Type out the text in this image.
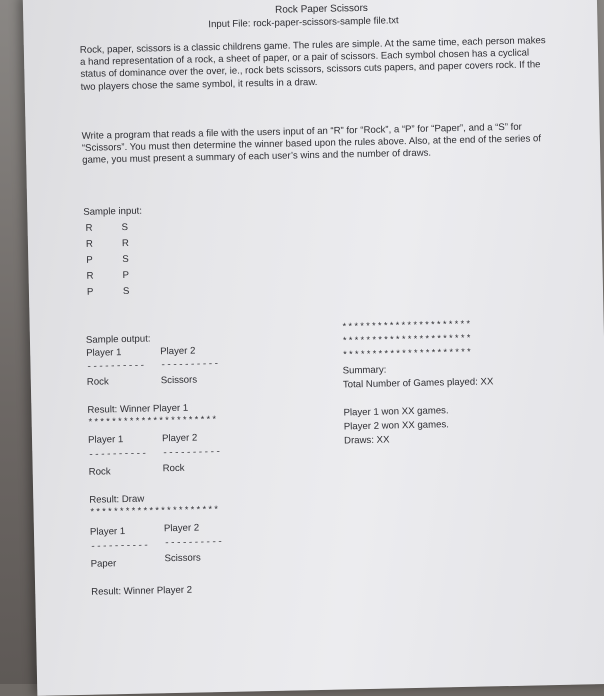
Rock Paper Scissors
Input File: rock-paper-scissors-sample file.txt
Rock, paper, scissors is a classic childrens game. The rules are simple. At the same time, each person makes a hand representation of a rock, a sheet of paper, or a pair of scissors. Each symbol chosen has a cyclical status of dominance over the over, ie., rock bets scissors, scissors cuts papers, and paper covers rock. If the two players chose the same symbol, it results in a draw.
Write a program that reads a file with the users input of an “R” for “Rock”, a “P” for “Paper”, and a “S” for “Scissors”. You must then determine the winner based upon the rules above. Also, at the end of the series of game, you must present a summary of each user’s wins and the number of draws.
Sample input:
R	S
R	R
P	S
R	P
P	S
Sample output:
Player 1	Player 2
---------- ----------
Rock	Scissors
Result: Winner Player 1
**********************
Player 1	Player 2
---------- ----------
Rock	Rock
Result: Draw
**********************
Player 1	Player 2
---------- ----------
Paper	Scissors
Result: Winner Player 2
**********************
**********************
**********************
Summary:
Total Number of Games played: XX
Player 1 won XX games.
Player 2 won XX games.
Draws: XX
